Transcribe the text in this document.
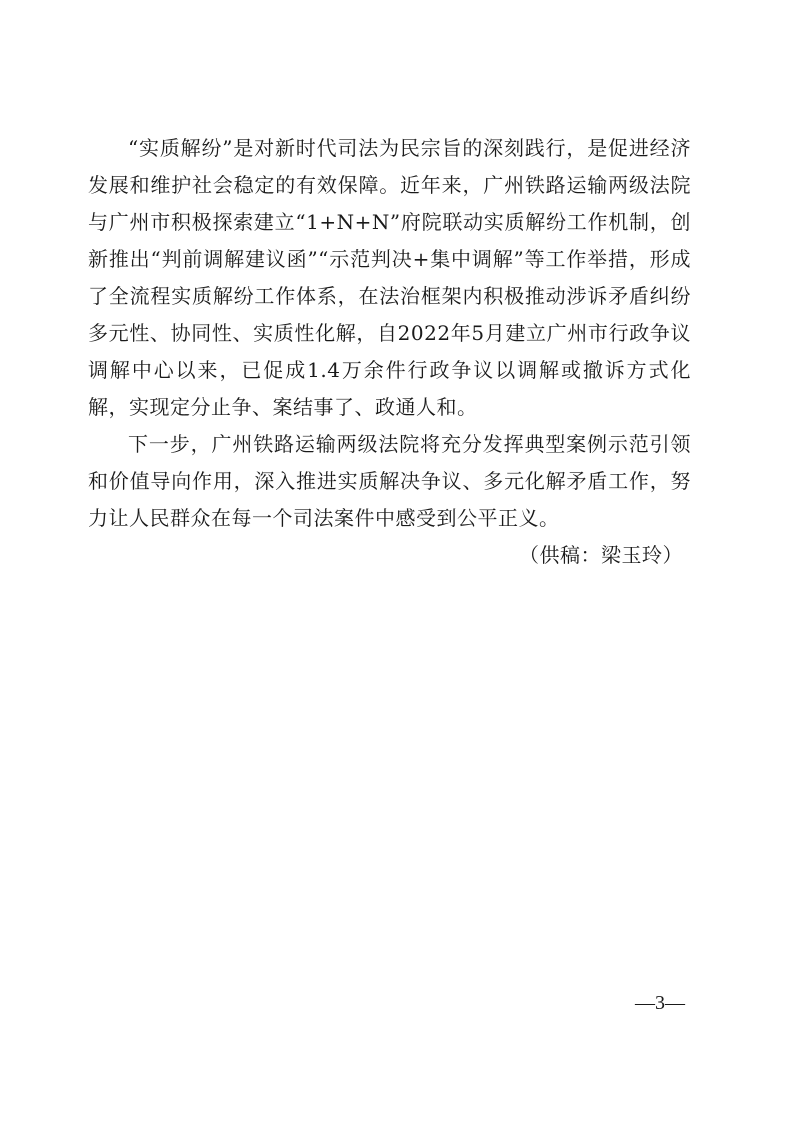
“实质解纷”是对新时代司法为民宗旨的深刻践行，是促进经济发展和维护社会稳定的有效保障。近年来，广州铁路运输两级法院与广州市积极探索建立“1+N+N”府院联动实质解纷工作机制，创新推出“判前调解建议函”“示范判决+集中调解”等工作举措，形成了全流程实质解纷工作体系，在法治框架内积极推动涉诉矛盾纠纷多元性、协同性、实质性化解，自2022年5月建立广州市行政争议调解中心以来，已促成1.4万余件行政争议以调解或撤诉方式化解，实现定分止争、案结事了、政通人和。

下一步，广州铁路运输两级法院将充分发挥典型案例示范引领和价值导向作用，深入推进实质解决争议、多元化解矛盾工作，努力让人民群众在每一个司法案件中感受到公平正义。

（供稿：梁玉玲）

—3—
